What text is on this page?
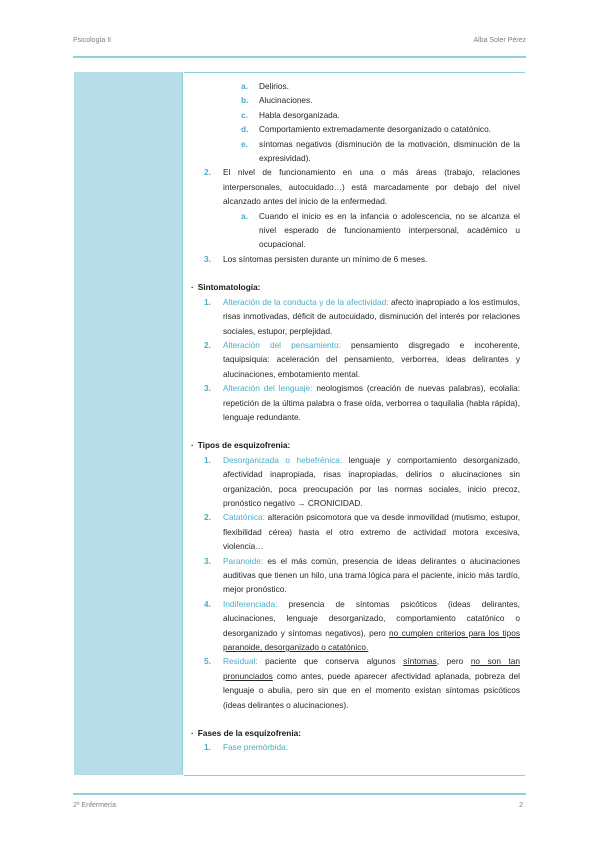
Psicología II	Alba Soler Pérez
a. Delirios.
b. Alucinaciones.
c. Habla desorganizada.
d. Comportamiento extremadamente desorganizado o catatónico.
e. síntomas negativos (disminución de la motivación, disminución de la expresividad).
2. El nivel de funcionamiento en una o más áreas (trabajo, relaciones interpersonales, autocuidado…) está marcadamente por debajo del nivel alcanzado antes del inicio de la enfermedad.
a. Cuando el inicio es en la infancia o adolescencia, no se alcanza el nivel esperado de funcionamiento interpersonal, académico u ocupacional.
3. Los síntomas persisten durante un mínimo de 6 meses.
· Sintomatología:
1. Alteración de la conducta y de la afectividad: afecto inapropiado a los estímulos, risas inmotivadas, déficit de autocuidado, disminución del interés por relaciones sociales, estupor, perplejidad.
2. Alteración del pensamiento: pensamiento disgregado e incoherente, taquipsiquia: aceleración del pensamiento, verborrea, ideas delirantes y alucinaciones, embotamiento mental.
3. Alteración del lenguaje: neologismos (creación de nuevas palabras), ecolalia: repetición de la última palabra o frase oída, verborrea o taquilalia (habla rápida), lenguaje redundante.
· Tipos de esquizofrenia:
1. Desorganizada o hebefrénica: lenguaje y comportamiento desorganizado, afectividad inapropiada, risas inapropiadas, delirios o alucinaciones sin organización, poca preocupación por las normas sociales, inicio precoz, pronóstico negativo → CRONICIDAD.
2. Catatónica: alteración psicomotora que va desde inmovilidad (mutismo, estupor, flexibilidad cérea) hasta el otro extremo de actividad motora excesiva, violencia…
3. Paranoide: es el más común, presencia de ideas delirantes o alucinaciones auditivas que tienen un hilo, una trama lógica para el paciente, inicio más tardío, mejor pronóstico.
4. Indiferenciada: presencia de síntomas psicóticos (ideas delirantes, alucinaciones, lenguaje desorganizado, comportamiento catatónico o desorganizado y síntomas negativos), pero no cumplen criterios para los tipos paranoide, desorganizado o catatónico.
5. Residual: paciente que conserva algunos síntomas, pero no son tan pronunciados como antes, puede aparecer afectividad aplanada, pobreza del lenguaje o abulia, pero sin que en el momento existan síntomas psicóticos (ideas delirantes o alucinaciones).
· Fases de la esquizofrenia:
1. Fase premórbida:
2º Enfermería	2
